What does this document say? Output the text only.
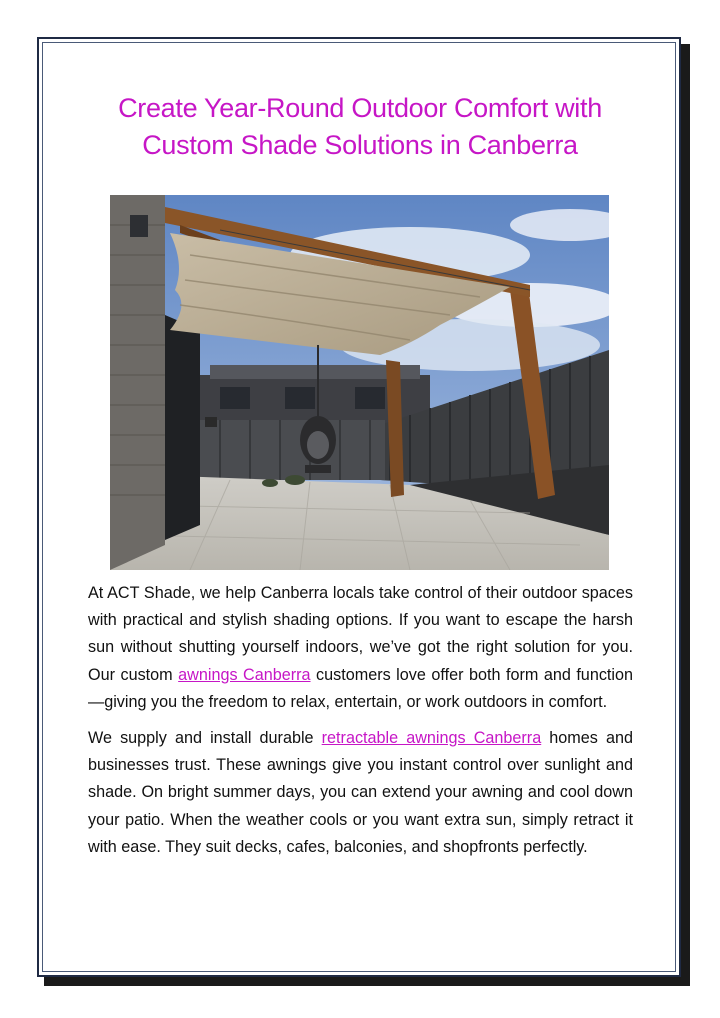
Create Year-Round Outdoor Comfort with
Custom Shade Solutions in Canberra

At ACT Shade, we help Canberra locals take control of their outdoor spaces with practical and stylish shading options. If you want to escape the harsh sun without shutting yourself indoors, we’ve got the right solution for you. Our custom awnings Canberra customers love offer both form and function—giving you the freedom to relax, entertain, or work outdoors in comfort.

We supply and install durable retractable awnings Canberra homes and businesses trust. These awnings give you instant control over sunlight and shade. On bright summer days, you can extend your awning and cool down your patio. When the weather cools or you want extra sun, simply retract it with ease. They suit decks, cafes, balconies, and shopfronts perfectly.
